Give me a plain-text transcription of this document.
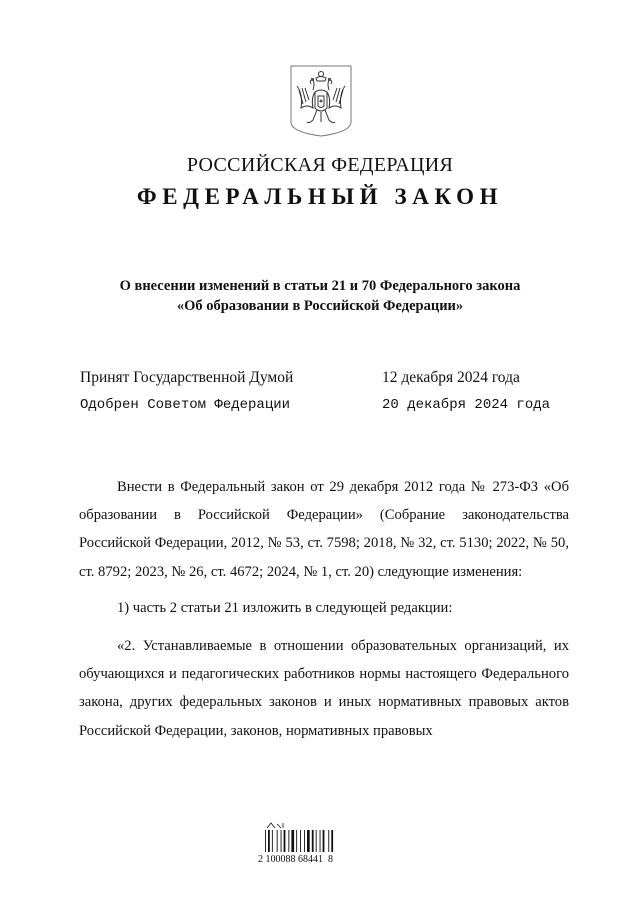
РОССИЙСКАЯ ФЕДЕРАЦИЯ
ФЕДЕРАЛЬНЫЙ ЗАКОН
О внесении изменений в статьи 21 и 70 Федерального закона
«Об образовании в Российской Федерации»
Принят Государственной Думой	12 декабря 2024 года
Одобрен Советом Федерации	20 декабря 2024 года

Внести в Федеральный закон от 29 декабря 2012 года № 273-ФЗ «Об образовании в Российской Федерации» (Собрание законодательства Российской Федерации, 2012, № 53, ст. 7598; 2018, № 32, ст. 5130; 2022, № 50, ст. 8792; 2023, № 26, ст. 4672; 2024, № 1, ст. 20) следующие изменения:

1) часть 2 статьи 21 изложить в следующей редакции:

«2. Устанавливаемые в отношении образовательных организаций, их обучающихся и педагогических работников нормы настоящего Федерального закона, других федеральных законов и иных нормативных правовых актов Российской Федерации, законов, нормативных правовых

2 100088 68441  8
